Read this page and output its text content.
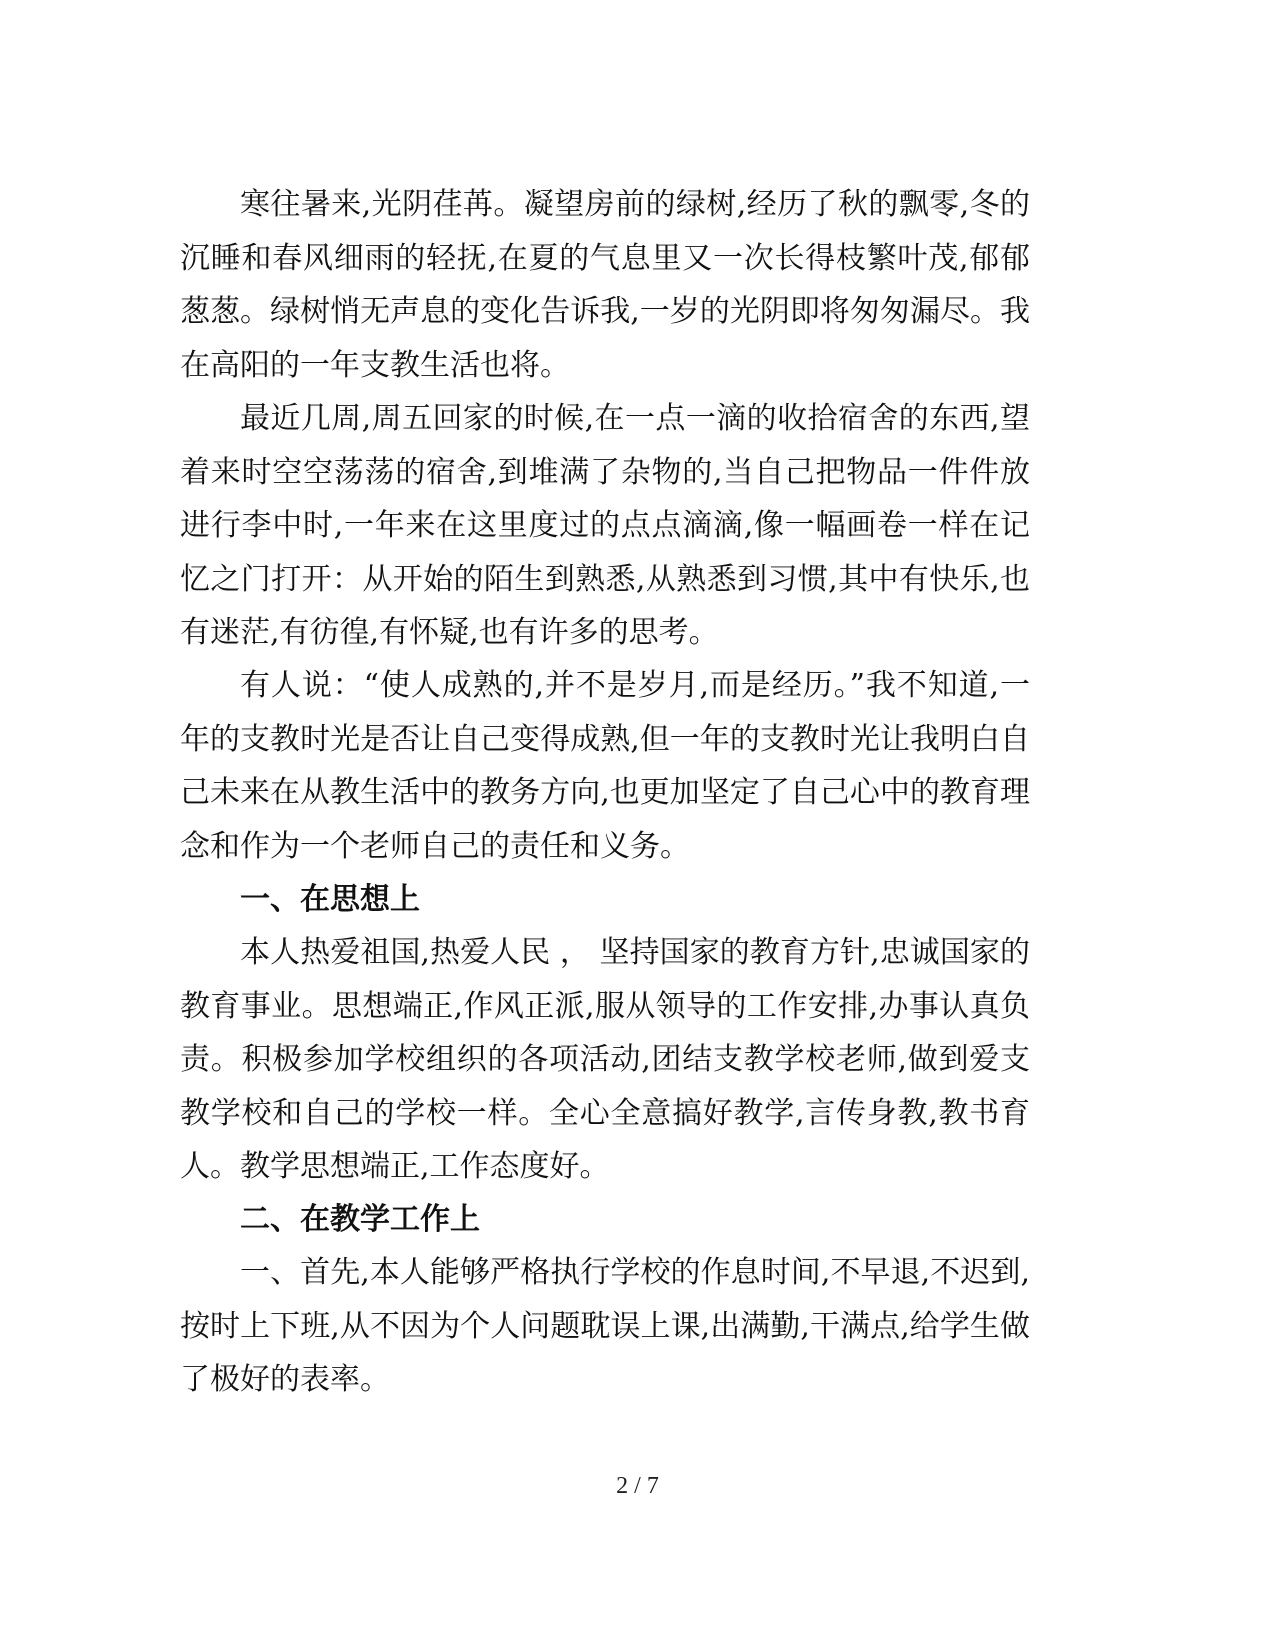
寒往暑来,光阴荏苒。凝望房前的绿树,经历了秋的飘零,冬的沉睡和春风细雨的轻抚,在夏的气息里又一次长得枝繁叶茂,郁郁葱葱。绿树悄无声息的变化告诉我,一岁的光阴即将匆匆漏尽。我在高阳的一年支教生活也将。

最近几周,周五回家的时候,在一点一滴的收拾宿舍的东西,望着来时空空荡荡的宿舍,到堆满了杂物的,当自己把物品一件件放进行李中时,一年来在这里度过的点点滴滴,像一幅画卷一样在记忆之门打开：从开始的陌生到熟悉,从熟悉到习惯,其中有快乐,也有迷茫,有彷徨,有怀疑,也有许多的思考。

有人说：“使人成熟的,并不是岁月,而是经历。”我不知道,一年的支教时光是否让自己变得成熟,但一年的支教时光让我明白自己未来在从教生活中的教务方向,也更加坚定了自己心中的教育理念和作为一个老师自己的责任和义务。

一、在思想上

本人热爱祖国,热爱人民 ， 坚持国家的教育方针,忠诚国家的教育事业。思想端正,作风正派,服从领导的工作安排,办事认真负责。积极参加学校组织的各项活动,团结支教学校老师,做到爱支教学校和自己的学校一样。全心全意搞好教学,言传身教,教书育人。教学思想端正,工作态度好。

二、在教学工作上

一、首先,本人能够严格执行学校的作息时间,不早退,不迟到,按时上下班,从不因为个人问题耽误上课,出满勤,干满点,给学生做了极好的表率。

2 / 7
